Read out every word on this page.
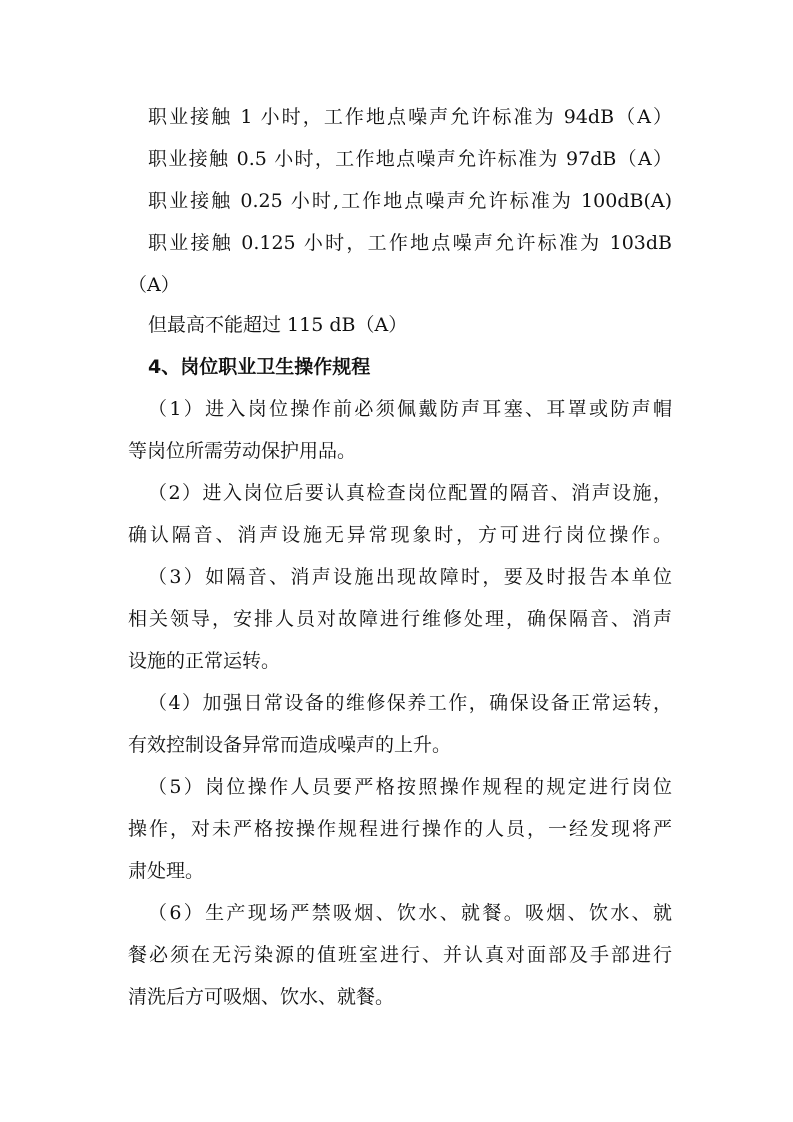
职业接触 1 小时，工作地点噪声允许标准为 94dB（A）
职业接触 0.5 小时，工作地点噪声允许标准为 97dB（A）
职业接触 0.25 小时,工作地点噪声允许标准为 100dB(A)
职业接触 0.125 小时，工作地点噪声允许标准为 103dB
（A）
但最高不能超过 115 dB（A）
4、岗位职业卫生操作规程
（1）进入岗位操作前必须佩戴防声耳塞、耳罩或防声帽
等岗位所需劳动保护用品。
（2）进入岗位后要认真检查岗位配置的隔音、消声设施，
确认隔音、消声设施无异常现象时，方可进行岗位操作。
（3）如隔音、消声设施出现故障时，要及时报告本单位
相关领导，安排人员对故障进行维修处理，确保隔音、消声
设施的正常运转。
（4）加强日常设备的维修保养工作，确保设备正常运转，
有效控制设备异常而造成噪声的上升。
（5）岗位操作人员要严格按照操作规程的规定进行岗位
操作，对未严格按操作规程进行操作的人员，一经发现将严
肃处理。
（6）生产现场严禁吸烟、饮水、就餐。吸烟、饮水、就
餐必须在无污染源的值班室进行、并认真对面部及手部进行
清洗后方可吸烟、饮水、就餐。
